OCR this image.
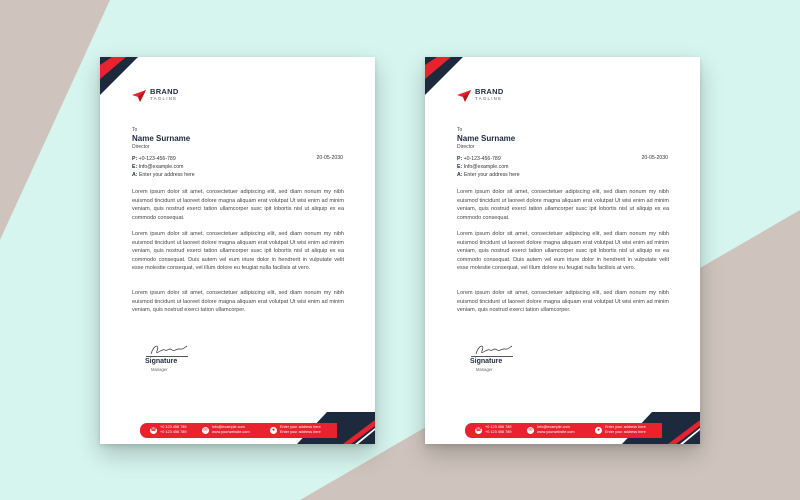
BRAND
TAGLINE
To
Name Surname
Director
P: +0-123-456-789
E: Info@example.com
A: Enter your address here
20-05-2030

Lorem ipsum dolor sit amet, consectetuer adipiscing elit, sed diam nonum my nibh euismod tincidunt ut laoreet dolore magna aliquam erat volutpat Ut wisi enim ad minim veniam, quis nostrud exerci tation ullamcorper susc ipit lobortis nisl ut aliquip ex ea commodo consequat.

Lorem ipsum dolor sit amet, consectetuer adipiscing elit, sed diam nonum my nibh euismod tincidunt ut laoreet dolore magna aliquam erat volutpat Ut wisi enim ad minim veniam, quis nostrud exerci tation ullamcorper susc ipit lobortis nisl ut aliquip ex ea commodo consequat. Duis autem vel eum iriure dolor in hendrerit in vulputate velit esse molestie consequat, vel illum dolore eu feugiat nulla facilisis at vero.

Lorem ipsum dolor sit amet, consectetuer adipiscing elit, sed diam nonum my nibh euismod tincidunt ut laoreet dolore magna aliquam erat volutpat Ut wisi enim ad minim veniam, quis nostrud exerci tation ullamcorper.

Signature
Manager
☎ +0 123 456 789
+0 123 456 789	✉	Info@example.com
www.yourwebsite.com	●	Enter your address here
Enter your address here
BRAND
TAGLINE
To
Name Surname
Director
P: +0-123-456-789
E: Info@example.com
A: Enter your address here
20-05-2030

Lorem ipsum dolor sit amet, consectetuer adipiscing elit, sed diam nonum my nibh euismod tincidunt ut laoreet dolore magna aliquam erat volutpat Ut wisi enim ad minim veniam, quis nostrud exerci tation ullamcorper susc ipit lobortis nisl ut aliquip ex ea commodo consequat.

Lorem ipsum dolor sit amet, consectetuer adipiscing elit, sed diam nonum my nibh euismod tincidunt ut laoreet dolore magna aliquam erat volutpat Ut wisi enim ad minim veniam, quis nostrud exerci tation ullamcorper susc ipit lobortis nisl ut aliquip ex ea commodo consequat. Duis autem vel eum iriure dolor in hendrerit in vulputate velit esse molestie consequat, vel illum dolore eu feugiat nulla facilisis at vero.

Lorem ipsum dolor sit amet, consectetuer adipiscing elit, sed diam nonum my nibh euismod tincidunt ut laoreet dolore magna aliquam erat volutpat Ut wisi enim ad minim veniam, quis nostrud exerci tation ullamcorper.

Signature
Manager
☎ +0 123 456 789
+0 123 456 789	✉	Info@example.com
www.yourwebsite.com	●	Enter your address here
Enter your address here
